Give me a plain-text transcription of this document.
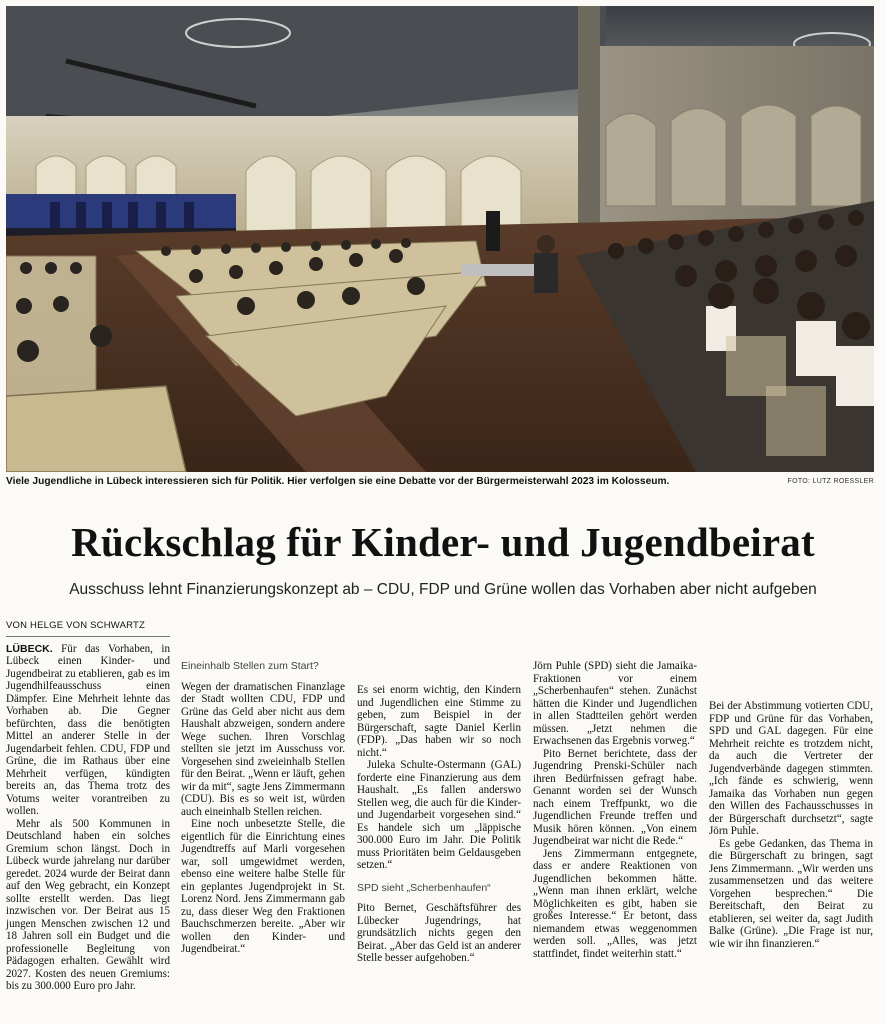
Viele Jugendliche in Lübeck interessieren sich für Politik. Hier verfolgen sie eine Debatte vor der Bürgermeisterwahl 2023 im Kolosseum.	FOTO: LUTZ ROESSLER
Rückschlag für Kinder- und Jugendbeirat
Ausschuss lehnt Finanzierungskonzept ab – CDU, FDP und Grüne wollen das Vorhaben aber nicht aufgeben
VON HELGE VON SCHWARTZ

LÜBECK. Für das Vorhaben, in Lübeck einen Kinder- und Jugendbeirat zu etablieren, gab es im Jugendhilfeausschuss einen Dämpfer. Eine Mehrheit lehnte das Vorhaben ab. Die Gegner befürchten, dass die benötigten Mittel an anderer Stelle in der Jugendarbeit fehlen. CDU, FDP und Grüne, die im Rathaus über eine Mehrheit verfügen, kündigten bereits an, das Thema trotz des Votums weiter vorantreiben zu wollen.

Mehr als 500 Kommunen in Deutschland haben ein solches Gremium schon längst. Doch in Lübeck wurde jahrelang nur darüber geredet. 2024 wurde der Beirat dann auf den Weg gebracht, ein Konzept sollte erstellt werden. Das liegt inzwischen vor. Der Beirat aus 15 jungen Menschen zwischen 12 und 18 Jahren soll ein Budget und die professionelle Begleitung von Pädagogen erhalten. Gewählt wird 2027. Kosten des neuen Gremiums: bis zu 300.000 Euro pro Jahr.

Eineinhalb Stellen zum Start?

Wegen der dramatischen Finanzlage der Stadt wollten CDU, FDP und Grüne das Geld aber nicht aus dem Haushalt abzweigen, sondern andere Wege suchen. Ihren Vorschlag stellten sie jetzt im Ausschuss vor. Vorgesehen sind zweieinhalb Stellen für den Beirat. „Wenn er läuft, gehen wir da mit“, sagte Jens Zimmermann (CDU). Bis es so weit ist, würden auch eineinhalb Stellen reichen.

Eine noch unbesetzte Stelle, die eigentlich für die Einrichtung eines Jugendtreffs auf Marli vorgesehen war, soll umgewidmet werden, ebenso eine weitere halbe Stelle für ein geplantes Jugendprojekt in St. Lorenz Nord. Jens Zimmermann gab zu, dass dieser Weg den Fraktionen Bauchschmerzen bereite. „Aber wir wollen den Kinder- und Jugendbeirat.“

Es sei enorm wichtig, den Kindern und Jugendlichen eine Stimme zu geben, zum Beispiel in der Bürgerschaft, sagte Daniel Kerlin (FDP). „Das haben wir so noch nicht.“

Juleka Schulte-Ostermann (GAL) forderte eine Finanzierung aus dem Haushalt. „Es fallen anderswo Stellen weg, die auch für die Kinder- und Jugendarbeit vorgesehen sind.“ Es handele sich um „läppische 300.000 Euro im Jahr. Die Politik muss Prioritäten beim Geldausgeben setzen.“

SPD sieht „Scherbenhaufen“

Pito Bernet, Geschäftsführer des Lübecker Jugendrings, hat grundsätzlich nichts gegen den Beirat. „Aber das Geld ist an anderer Stelle besser aufgehoben.“

Jörn Puhle (SPD) sieht die Jamaika-Fraktionen vor einem „Scherbenhaufen“ stehen. Zunächst hätten die Kinder und Jugendlichen in allen Stadtteilen gehört werden müssen. „Jetzt nehmen die Erwachsenen das Ergebnis vorweg.“

Pito Bernet berichtete, dass der Jugendring Prenski-Schüler nach ihren Bedürfnissen gefragt habe. Genannt worden sei der Wunsch nach einem Treffpunkt, wo die Jugendlichen Freunde treffen und Musik hören können. „Von einem Jugendbeirat war nicht die Rede.“

Jens Zimmermann entgegnete, dass er andere Reaktionen von Jugendlichen bekommen hätte. „Wenn man ihnen erklärt, welche Möglichkeiten es gibt, haben sie großes Interesse.“ Er betont, dass niemandem etwas weggenommen werden soll. „Alles, was jetzt stattfindet, findet weiterhin statt.“

Bei der Abstimmung votierten CDU, FDP und Grüne für das Vorhaben, SPD und GAL dagegen. Für eine Mehrheit reichte es trotzdem nicht, da auch die Vertreter der Jugendverbände dagegen stimmten. „Ich fände es schwierig, wenn Jamaika das Vorhaben nun gegen den Willen des Fachausschusses in der Bürgerschaft durchsetzt“, sagte Jörn Puhle.

Es gebe Gedanken, das Thema in die Bürgerschaft zu bringen, sagt Jens Zimmermann. „Wir werden uns zusammensetzen und das weitere Vorgehen besprechen.“ Die Bereitschaft, den Beirat zu etablieren, sei weiter da, sagt Judith Balke (Grüne). „Die Frage ist nur, wie wir ihn finanzieren.“
